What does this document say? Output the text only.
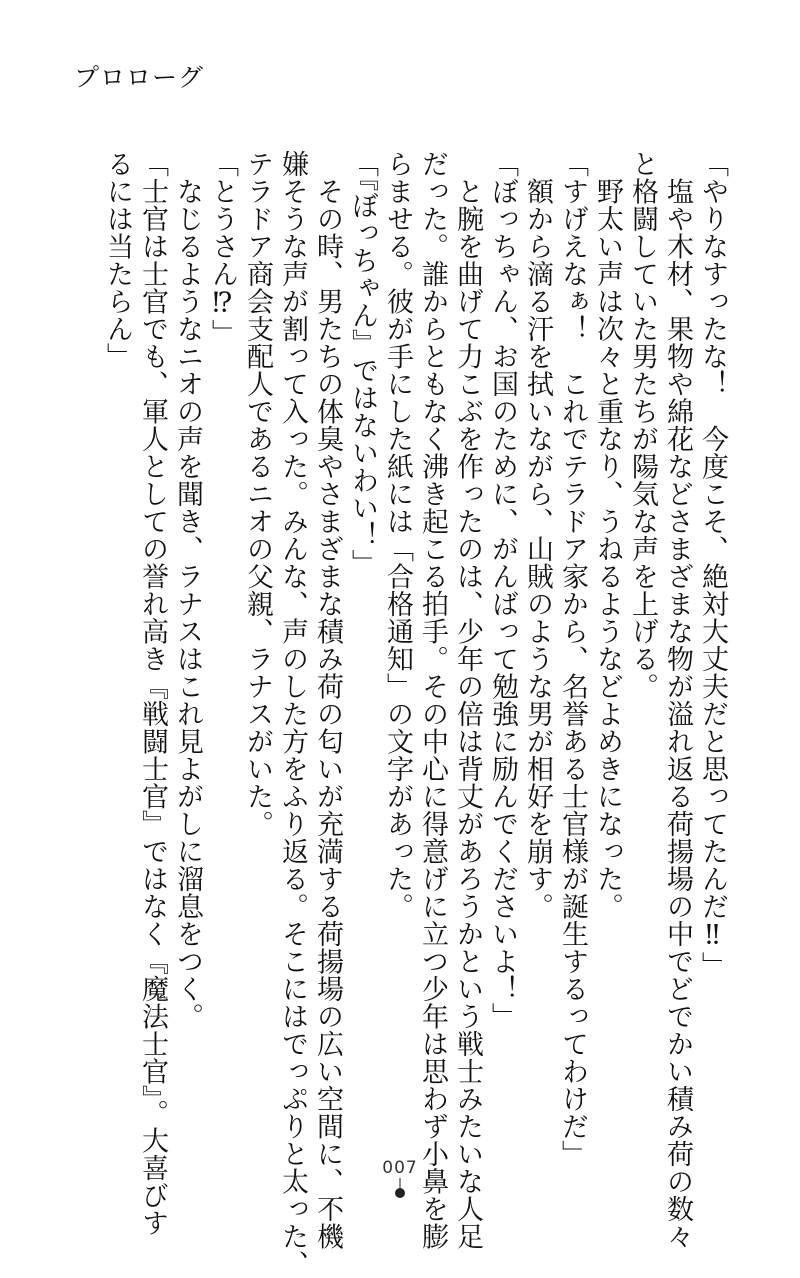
プロローグ
「やりなすったな！　今度こそ、絶対大丈夫だと思ってたんだ‼」
　塩や木材、果物や綿花などさまざまな物が溢れ返る荷揚場の中でどでかい積み荷の数々
と格闘していた男たちが陽気な声を上げる。
　野太い声は次々と重なり、うねるようなどよめきになった。
「すげえなぁ！　これでテラドア家から、名誉ある士官様が誕生するってわけだ」
　額から滴る汗を拭いながら、山賊のような男が相好を崩す。
「ぼっちゃん、お国のために、がんばって勉強に励んでくださいよ！」
　と腕を曲げて力こぶを作ったのは、少年の倍は背丈があろうかという戦士みたいな人足
だった。誰からともなく沸き起こる拍手。その中心に得意げに立つ少年は思わず小鼻を膨
らませる。彼が手にした紙には「合格通知」の文字があった。
「『ぼっちゃん』ではないわい！」
　その時、男たちの体臭やさまざまな積み荷の匂いが充満する荷揚場の広い空間に、不機
嫌そうな声が割って入った。みんな、声のした方をふり返る。そこにはでっぷりと太った、
テラドア商会支配人であるニオの父親、ラナスがいた。
「とうさん⁉」
　なじるようなニオの声を聞き、ラナスはこれ見よがしに溜息をつく。
「士官は士官でも、軍人としての誉れ高き『戦闘士官』ではなく『魔法士官』。大喜びす
るには当たらん」
007
